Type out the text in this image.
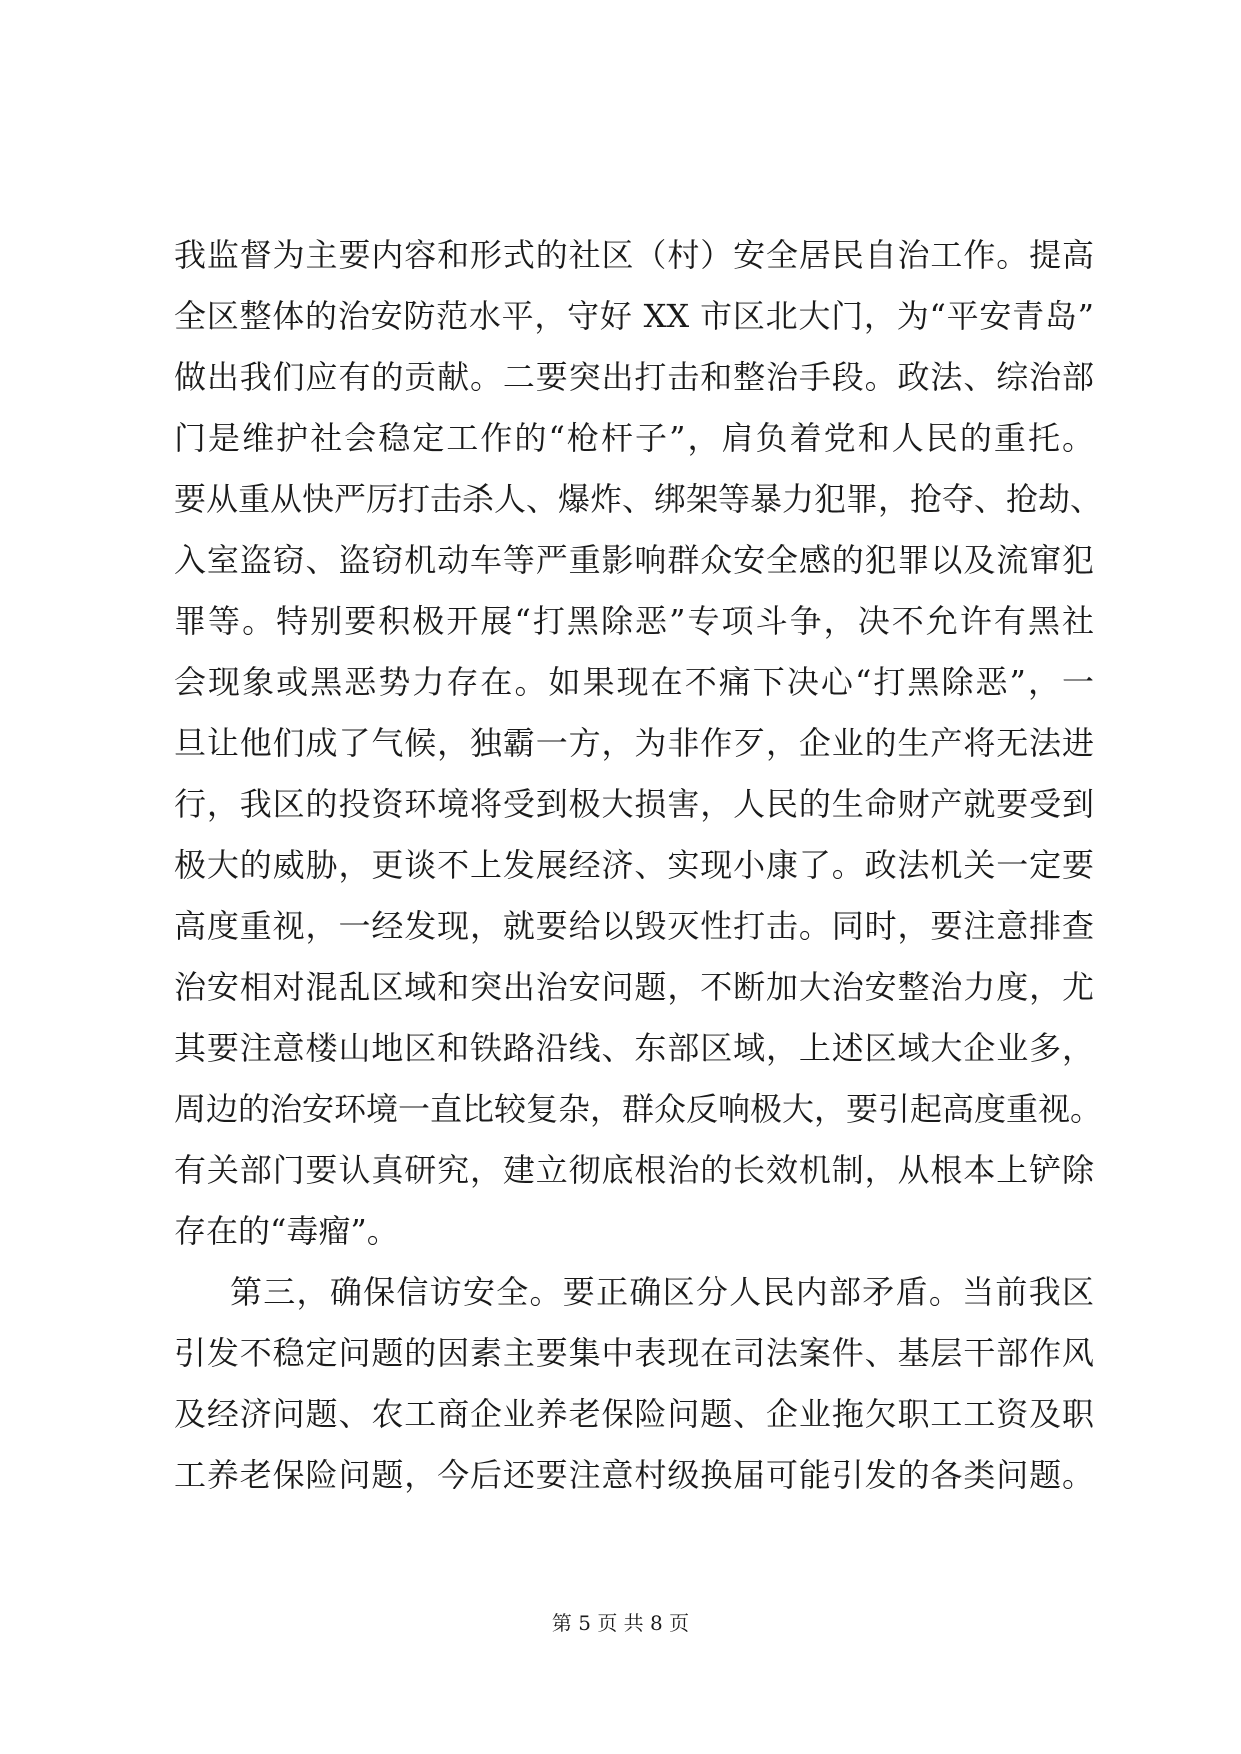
我监督为主要内容和形式的社区（村）安全居民自治工作。提高
全区整体的治安防范水平，守好 XX 市区北大门，为“平安青岛”
做出我们应有的贡献。二要突出打击和整治手段。政法、综治部
门是维护社会稳定工作的“枪杆子”，肩负着党和人民的重托。
要从重从快严厉打击杀人、爆炸、绑架等暴力犯罪，抢夺、抢劫、
入室盗窃、盗窃机动车等严重影响群众安全感的犯罪以及流窜犯
罪等。特别要积极开展“打黑除恶”专项斗争，决不允许有黑社
会现象或黑恶势力存在。如果现在不痛下决心“打黑除恶”，一
旦让他们成了气候，独霸一方，为非作歹，企业的生产将无法进
行，我区的投资环境将受到极大损害，人民的生命财产就要受到
极大的威胁，更谈不上发展经济、实现小康了。政法机关一定要
高度重视，一经发现，就要给以毁灭性打击。同时，要注意排查
治安相对混乱区域和突出治安问题，不断加大治安整治力度，尤
其要注意楼山地区和铁路沿线、东部区域，上述区域大企业多，
周边的治安环境一直比较复杂，群众反响极大，要引起高度重视。
有关部门要认真研究，建立彻底根治的长效机制，从根本上铲除
存在的“毒瘤”。
第三，确保信访安全。要正确区分人民内部矛盾。当前我区
引发不稳定问题的因素主要集中表现在司法案件、基层干部作风
及经济问题、农工商企业养老保险问题、企业拖欠职工工资及职
工养老保险问题，今后还要注意村级换届可能引发的各类问题。
第 5 页 共 8 页
